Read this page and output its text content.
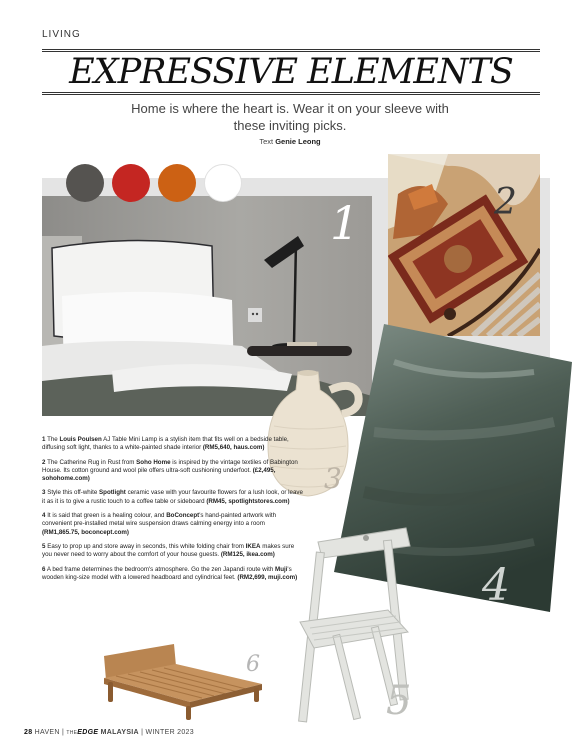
LIVING
EXPRESSIVE ELEMENTS
Home is where the heart is. Wear it on your sleeve with
these inviting picks.
Text Genie Leong
1	2
4
3
5
6

1 The Louis Poulsen AJ Table Mini Lamp is a stylish item that fits well on a bedside table, diffusing soft light, thanks to a white-painted shade interior (RM5,640, haus.com)

2 The Catherine Rug in Rust from Soho Home is inspired by the vintage textiles of Babington House. Its cotton ground and wool pile offers ultra-soft cushioning underfoot. (£2,495, sohohome.com)

3 Style this off-white Spotlight ceramic vase with your favourite flowers for a lush look, or leave it as it is to give a rustic touch to a coffee table or sideboard (RM45, spotlightstores.com)

4 It is said that green is a healing colour, and BoConcept's hand-painted artwork with convenient pre-installed metal wire suspension draws calming energy into a room (RM1,865.75, boconcept.com)

5 Easy to prop up and store away in seconds, this white folding chair from IKEA makes sure you never need to worry about the comfort of your house guests. (RM125, ikea.com)

6 A bed frame determines the bedroom's atmosphere. Go the zen Japandi route with Muji's wooden king-size model with a lowered headboard and cylindrical feet. (RM2,699, muji.com)

28 HAVEN | THEEDGE MALAYSIA | WINTER 2023
